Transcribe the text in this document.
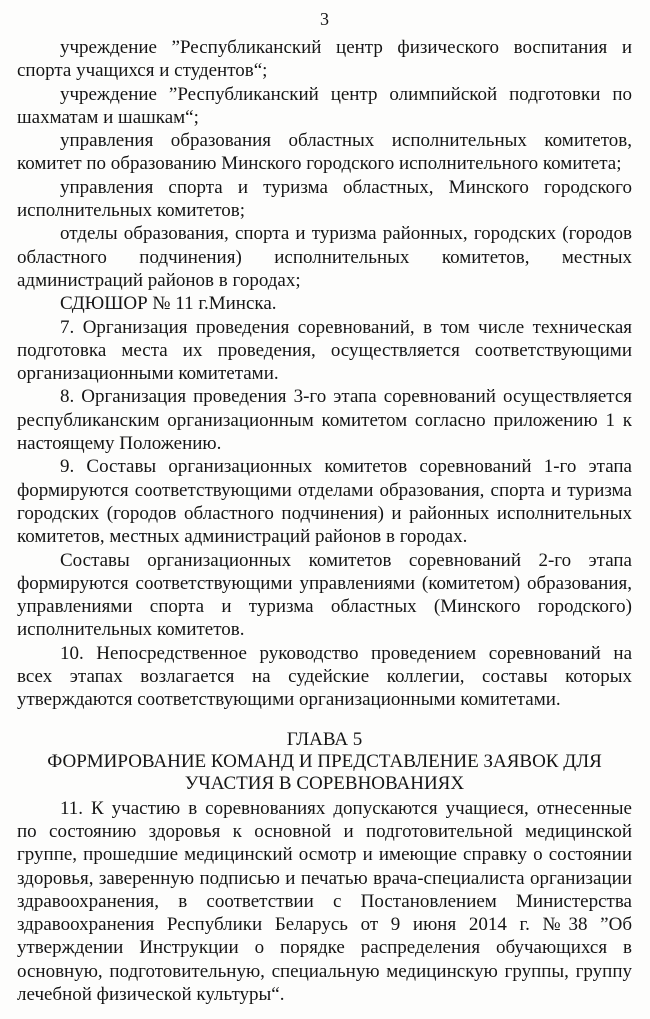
3

учреждение ”Республиканский центр физического воспитания и спорта учащихся и студентов“;

учреждение ”Республиканский центр олимпийской подготовки по шахматам и шашкам“;

управления образования областных исполнительных комитетов, комитет по образованию Минского городского исполнительного комитета;

управления спорта и туризма областных, Минского городского исполнительных комитетов;

отделы образования, спорта и туризма районных, городских (городов областного подчинения) исполнительных комитетов, местных администраций районов в городах;

СДЮШОР № 11 г.Минска.

7. Организация проведения соревнований, в том числе техническая подготовка места их проведения, осуществляется соответствующими организационными комитетами.

8. Организация проведения 3-го этапа соревнований осуществляется республиканским организационным комитетом согласно приложению 1 к настоящему Положению.

9. Составы организационных комитетов соревнований 1-го этапа формируются соответствующими отделами образования, спорта и туризма городских (городов областного подчинения) и районных исполнительных комитетов, местных администраций районов в городах.

Составы организационных комитетов соревнований 2-го этапа формируются соответствующими управлениями (комитетом) образования, управлениями спорта и туризма областных (Минского городского) исполнительных комитетов.

10. Непосредственное руководство проведением соревнований на всех этапах возлагается на судейские коллегии, составы которых утверждаются соответствующими организационными комитетами.

ГЛАВА 5
ФОРМИРОВАНИЕ КОМАНД И ПРЕДСТАВЛЕНИЕ ЗАЯВОК ДЛЯ
УЧАСТИЯ В СОРЕВНОВАНИЯХ

11. К участию в соревнованиях допускаются учащиеся, отнесенные по состоянию здоровья к основной и подготовительной медицинской группе, прошедшие медицинский осмотр и имеющие справку о состоянии здоровья, заверенную подписью и печатью врача-специалиста организации здравоохранения, в соответствии с Постановлением Министерства здравоохранения Республики Беларусь от 9 июня 2014 г. №38 ”Об утверждении Инструкции о порядке распределения обучающихся в основную, подготовительную, специальную медицинскую группы, группу лечебной физической культуры“.
